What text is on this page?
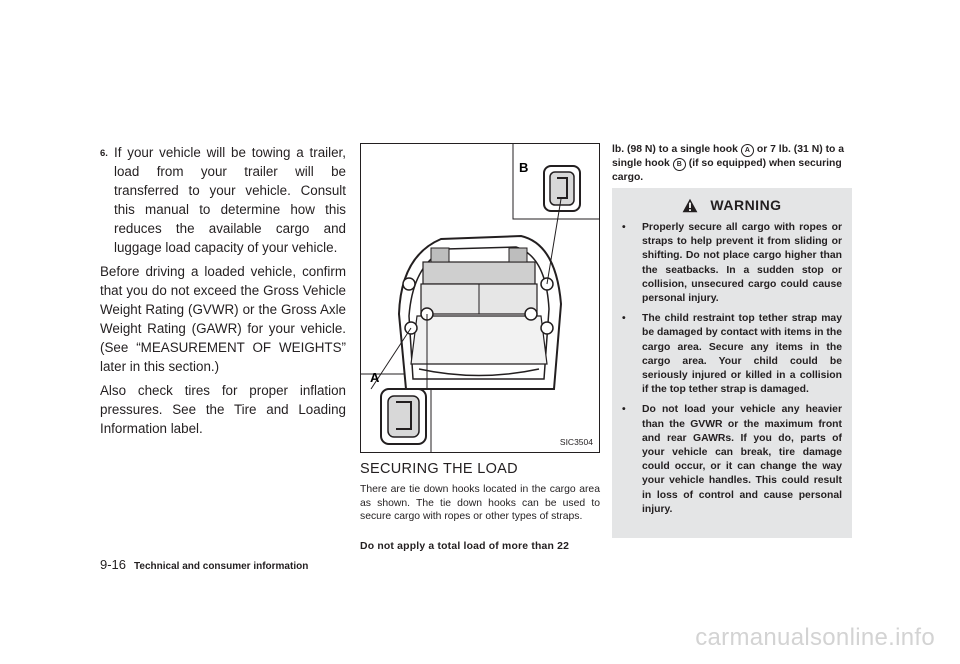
6. If your vehicle will be towing a trailer, load from your trailer will be transferred to your vehicle. Consult this manual to determine how this reduces the available cargo and luggage load capacity of your vehicle.
Before driving a loaded vehicle, confirm that you do not exceed the Gross Vehicle Weight Rating (GVWR) or the Gross Axle Weight Rating (GAWR) for your vehicle. (See “MEASUREMENT OF WEIGHTS” later in this section.)
Also check tires for proper inflation pressures. See the Tire and Loading Information label.
A
B
SIC3504
SECURING THE LOAD
There are tie down hooks located in the cargo area as shown. The tie down hooks can be used to secure cargo with ropes or other types of straps.
Do not apply a total load of more than 22
lb. (98 N) to a single hook A or 7 lb. (31 N) to a single hook B (if so equipped) when securing cargo.
WARNING
•	Properly secure all cargo with ropes or straps to help prevent it from sliding or shifting. Do not place cargo higher than the seatbacks. In a sudden stop or collision, unsecured cargo could cause personal injury.
•	The child restraint top tether strap may be damaged by contact with items in the cargo area. Secure any items in the cargo area. Your child could be seriously injured or killed in a collision if the top tether strap is damaged.
•	Do not load your vehicle any heavier than the GVWR or the maximum front and rear GAWRs. If you do, parts of your vehicle can break, tire damage could occur, or it can change the way your vehicle handles. This could result in loss of control and cause personal injury.
9-16 Technical and consumer information
carmanualsonline.info
